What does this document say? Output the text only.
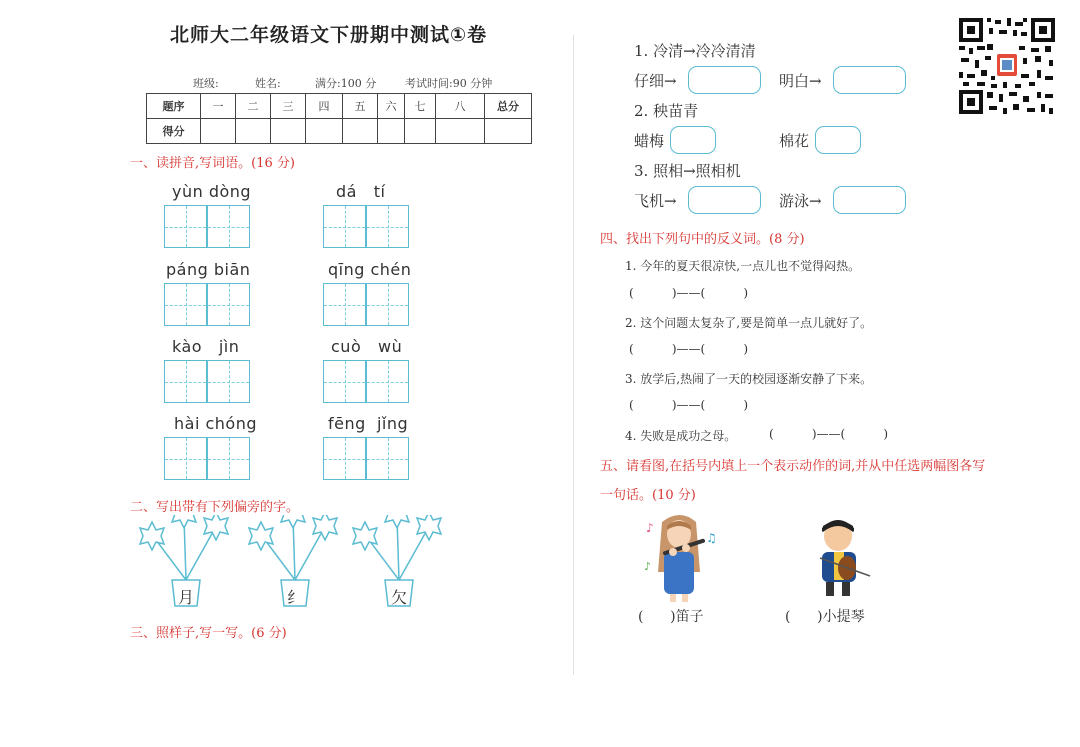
北师大二年级语文下册期中测试①卷
班级:	姓名:	满分:100 分	考试时间:90 分钟
题序	一	二	三	四	五	六	七	八	总分
得分									
一、读拼音,写词语。(16 分)
yùn dòng	dá   tí
páng biān	qīng chén
kào   jìn	cuò   wù
hài chóng	fēng  jǐng
二、写出带有下列偏旁的字。
月	纟	欠
三、照样子,写一写。(6 分)
1. 冷清→冷冷清清
仔细→	明白→
2. 秧苗青
蜡梅	棉花
3. 照相→照相机
飞机→	游泳→
四、找出下列句中的反义词。(8 分)
1. 今年的夏天很凉快,一点儿也不觉得闷热。
(          )——(          )
2. 这个问题太复杂了,要是简单一点儿就好了。
(          )——(          )
3. 放学后,热闹了一天的校园逐渐安静了下来。
(          )——(          )
4. 失败是成功之母。	(          )——(          )
五、请看图,在括号内填上一个表示动作的词,并从中任选两幅图各写
一句话。(10 分)
♪
♫
♪
(      )笛子	(      )小提琴
